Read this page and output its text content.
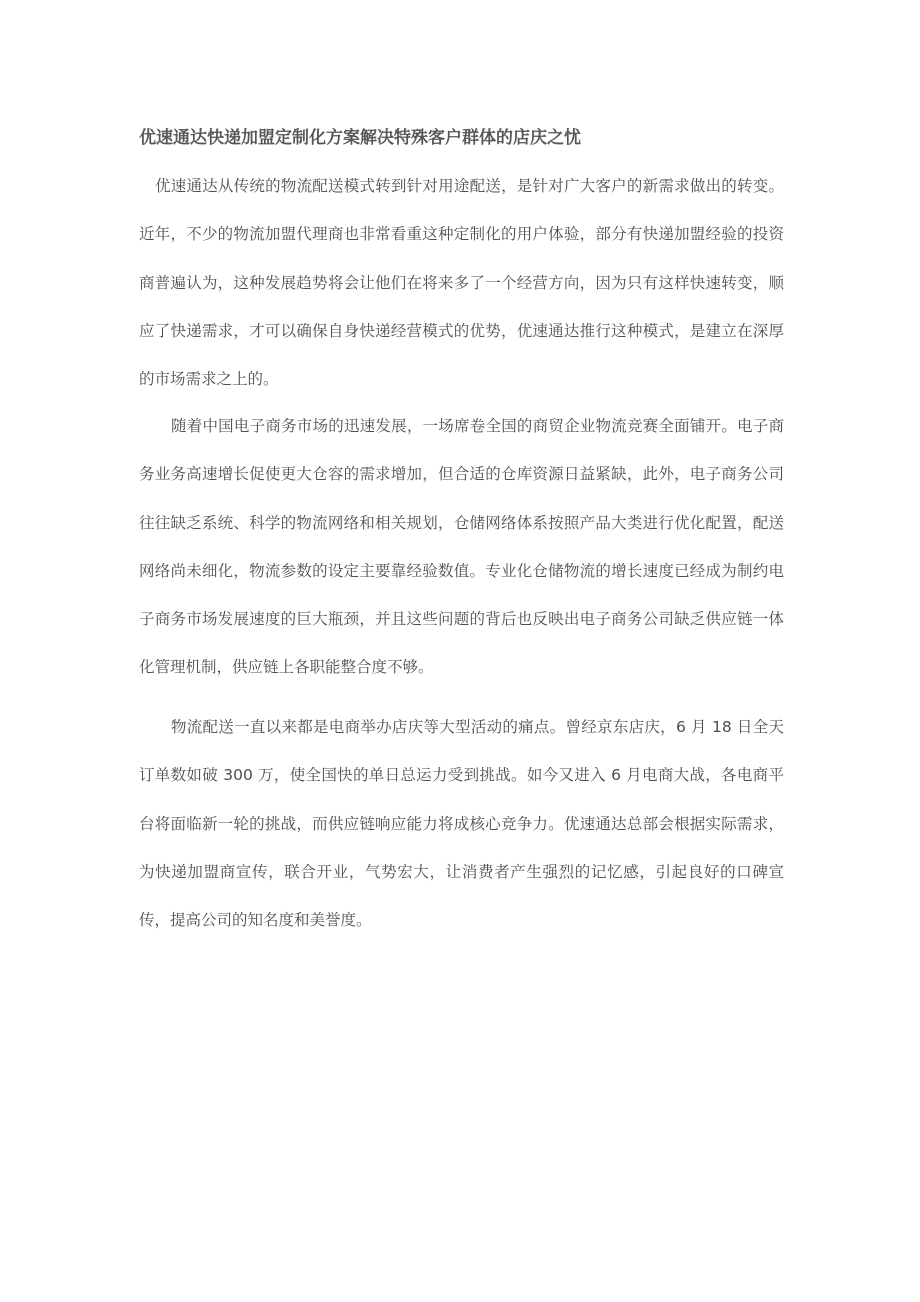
优速通达快递加盟定制化方案解决特殊客户群体的店庆之忧

优速通达从传统的物流配送模式转到针对用途配送，是针对广大客户的新需求做出的转变。近年，不少的物流加盟代理商也非常看重这种定制化的用户体验，部分有快递加盟经验的投资商普遍认为，这种发展趋势将会让他们在将来多了一个经营方向，因为只有这样快速转变，顺应了快递需求，才可以确保自身快递经营模式的优势，优速通达推行这种模式，是建立在深厚的市场需求之上的。

随着中国电子商务市场的迅速发展，一场席卷全国的商贸企业物流竞赛全面铺开。电子商务业务高速增长促使更大仓容的需求增加，但合适的仓库资源日益紧缺，此外，电子商务公司往往缺乏系统、科学的物流网络和相关规划，仓储网络体系按照产品大类进行优化配置，配送网络尚未细化，物流参数的设定主要靠经验数值。专业化仓储物流的增长速度已经成为制约电子商务市场发展速度的巨大瓶颈，并且这些问题的背后也反映出电子商务公司缺乏供应链一体化管理机制，供应链上各职能整合度不够。

物流配送一直以来都是电商举办店庆等大型活动的痛点。曾经京东店庆，6 月 18 日全天订单数如破 300 万，使全国快的单日总运力受到挑战。如今又进入 6 月电商大战，各电商平台将面临新一轮的挑战，而供应链响应能力将成核心竞争力。优速通达总部会根据实际需求，为快递加盟商宣传，联合开业，气势宏大，让消费者产生强烈的记忆感，引起良好的口碑宣传，提高公司的知名度和美誉度。
